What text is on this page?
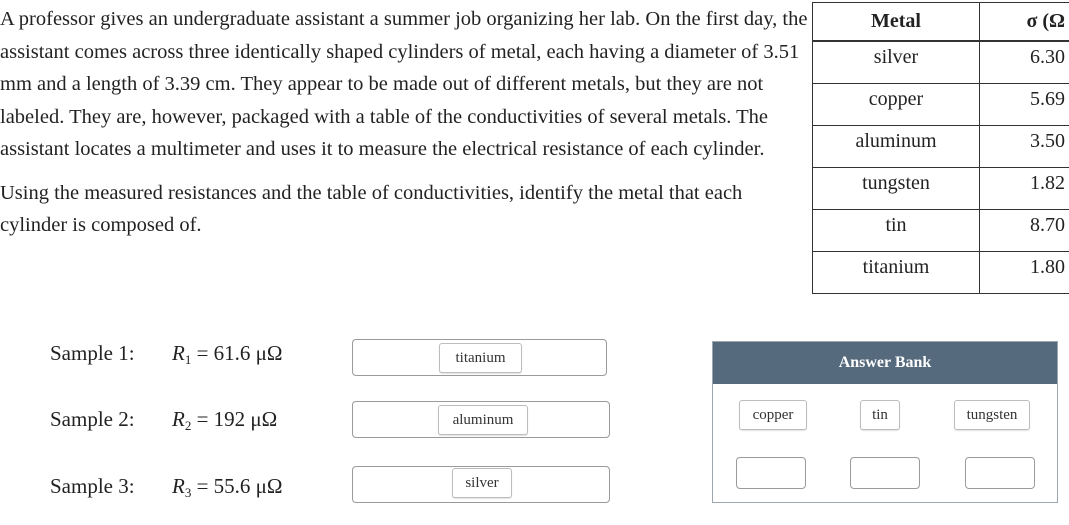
A professor gives an undergraduate assistant a summer job organizing her lab. On the first day, the assistant comes across three identically shaped cylinders of metal, each having a diameter of 3.51 mm and a length of 3.39 cm. They appear to be made out of different metals, but they are not labeled. They are, however, packaged with a table of the conductivities of several metals. The assistant locates a multimeter and uses it to measure the electrical resistance of each cylinder.

Using the measured resistances and the table of conductivities, identify the metal that each cylinder is composed of.

Metal	σ (Ω
silver	6.30
copper	5.69
aluminum	3.50
tungsten	1.82
tin	8.70
titanium	1.80
Sample 1: R1 = 61.6 μΩ	titanium
Sample 2: R2 = 192 μΩ	aluminum
Sample 3: R3 = 55.6 μΩ	silver
Answer Bank
copper	tin	tungsten
